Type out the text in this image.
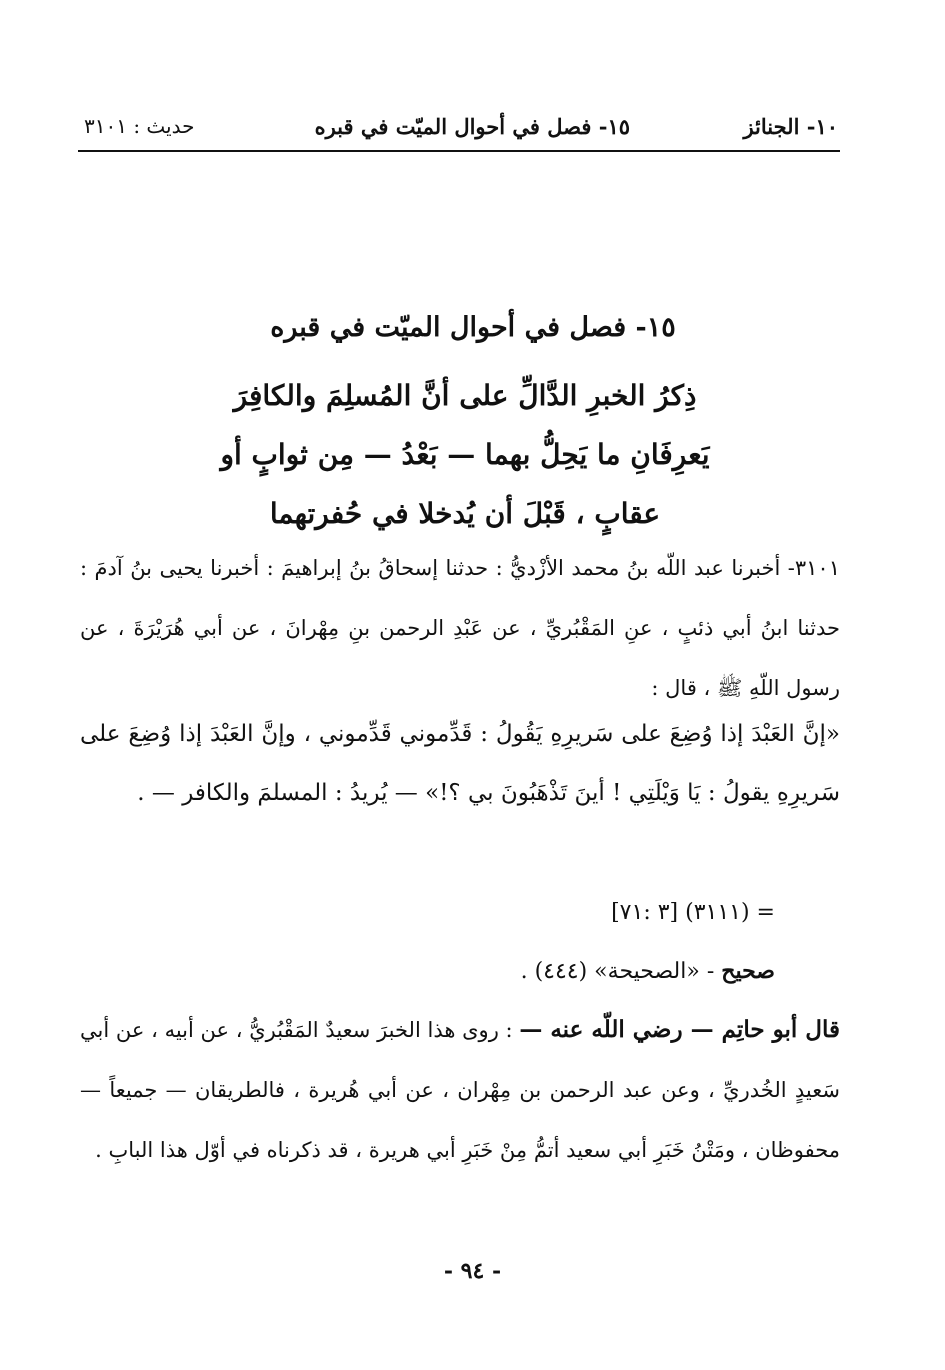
١٠- الجنائز
١٥- فصل في أحوال الميّت في قبره
حديث : ٣١٠١
١٥- فصل في أحوال الميّت في قبره
ذِكرُ الخبرِ الدَّالِّ على أنَّ المُسلِمَ والكافِرَ يَعرِفَانِ ما يَحِلُّ بهما — بَعْدُ — مِن ثوابٍ أو عقابٍ ، قَبْلَ أن يُدخلا في حُفرتهما
٣١٠١- أخبرنا عبد اللّه بنُ محمد الأزْديُّ : حدثنا إسحاقُ بنُ إبراهيمَ : أخبرنا يحيى بنُ آدمَ : حدثنا ابنُ أبي ذئبٍ ، عنِ المَقْبُريِّ ، عن عَبْدِ الرحمن بنِ مِهْرانَ ، عن أبي هُرَيْرَةَ ، عن رسول اللّهِ ﷺ ، قال :
«إنَّ العَبْدَ إذا وُضِعَ على سَريرِهِ يَقُولُ : قَدِّموني قَدِّموني ، وإنَّ العَبْدَ إذا وُضِعَ على سَريرِهِ يقولُ : يَا وَيْلَتِي ! أينَ تَذْهَبُونَ بي ؟!» — يُريدُ : المسلمَ والكافر — .
= (٣١١١) [٣ :٧١]
صحيح - «الصحيحة» (٤٤٤) .
قال أبو حاتِم — رضي اللّه عنه — : روى هذا الخبرَ سعيدٌ المَقْبُريُّ ، عن أبيه ، عن أبي سَعيدٍ الخُدريِّ ، وعن عبد الرحمن بن مِهْران ، عن أبي هُريرة ، فالطريقان — جميعاً — محفوظان ، ومَتْنُ خَبَرِ أبي سعيد أتمُّ مِنْ خَبَرِ أبي هريرة ، قد ذكرناه في أوّل هذا البابِ .
- ٩٤ -
